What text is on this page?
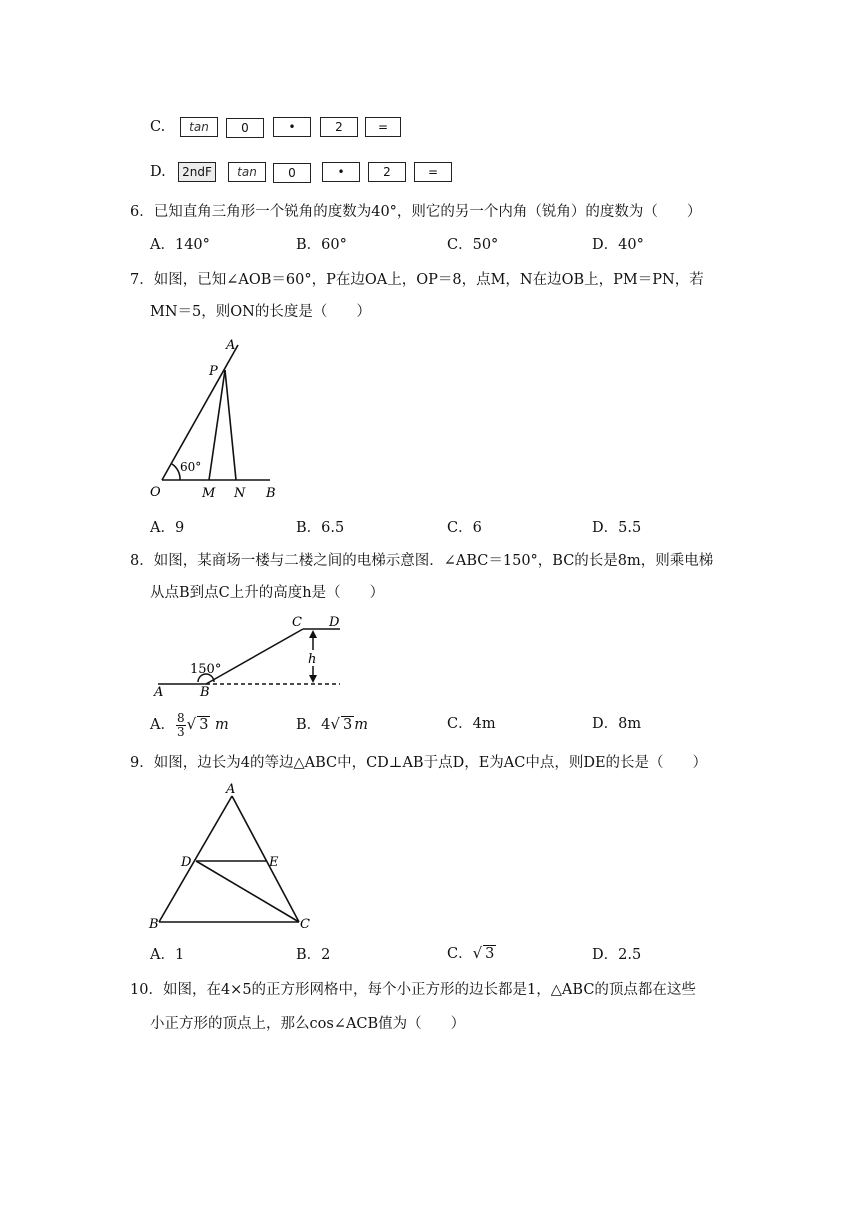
C.	tan	0	•	2	=
D.	2ndF	tan	0	•	2	=
6．已知直角三角形一个锐角的度数为40°，则它的另一个内角（锐角）的度数为（　　）
A．140°	B．60°	C．50°	D．40°
7．如图，已知∠AOB＝60°，P在边OA上，OP＝8，点M，N在边OB上，PM＝PN，若
MN＝5，则ON的长度是（　　）
A
P
60°
O	M N B
A．9	B．6.5	C．6	D．5.5
8．如图，某商场一楼与二楼之间的电梯示意图．∠ABC＝150°，BC的长是8m，则乘电梯
从点B到点C上升的高度h是（　　）
C D
h
150°
A	B
A． $\frac{8}{3}$ √ 3 m	B．4√ 3 m	C．4m	D．8m
9．如图，边长为4的等边△ABC中，CD⊥AB于点D，E为AC中点，则DE的长是（　　）
A
D	E
B	C
A．1	B．2	C．√ 3	D．2.5
10．如图，在4×5的正方形网格中，每个小正方形的边长都是1，△ABC的顶点都在这些
小正方形的顶点上，那么cos∠ACB值为（　　）
